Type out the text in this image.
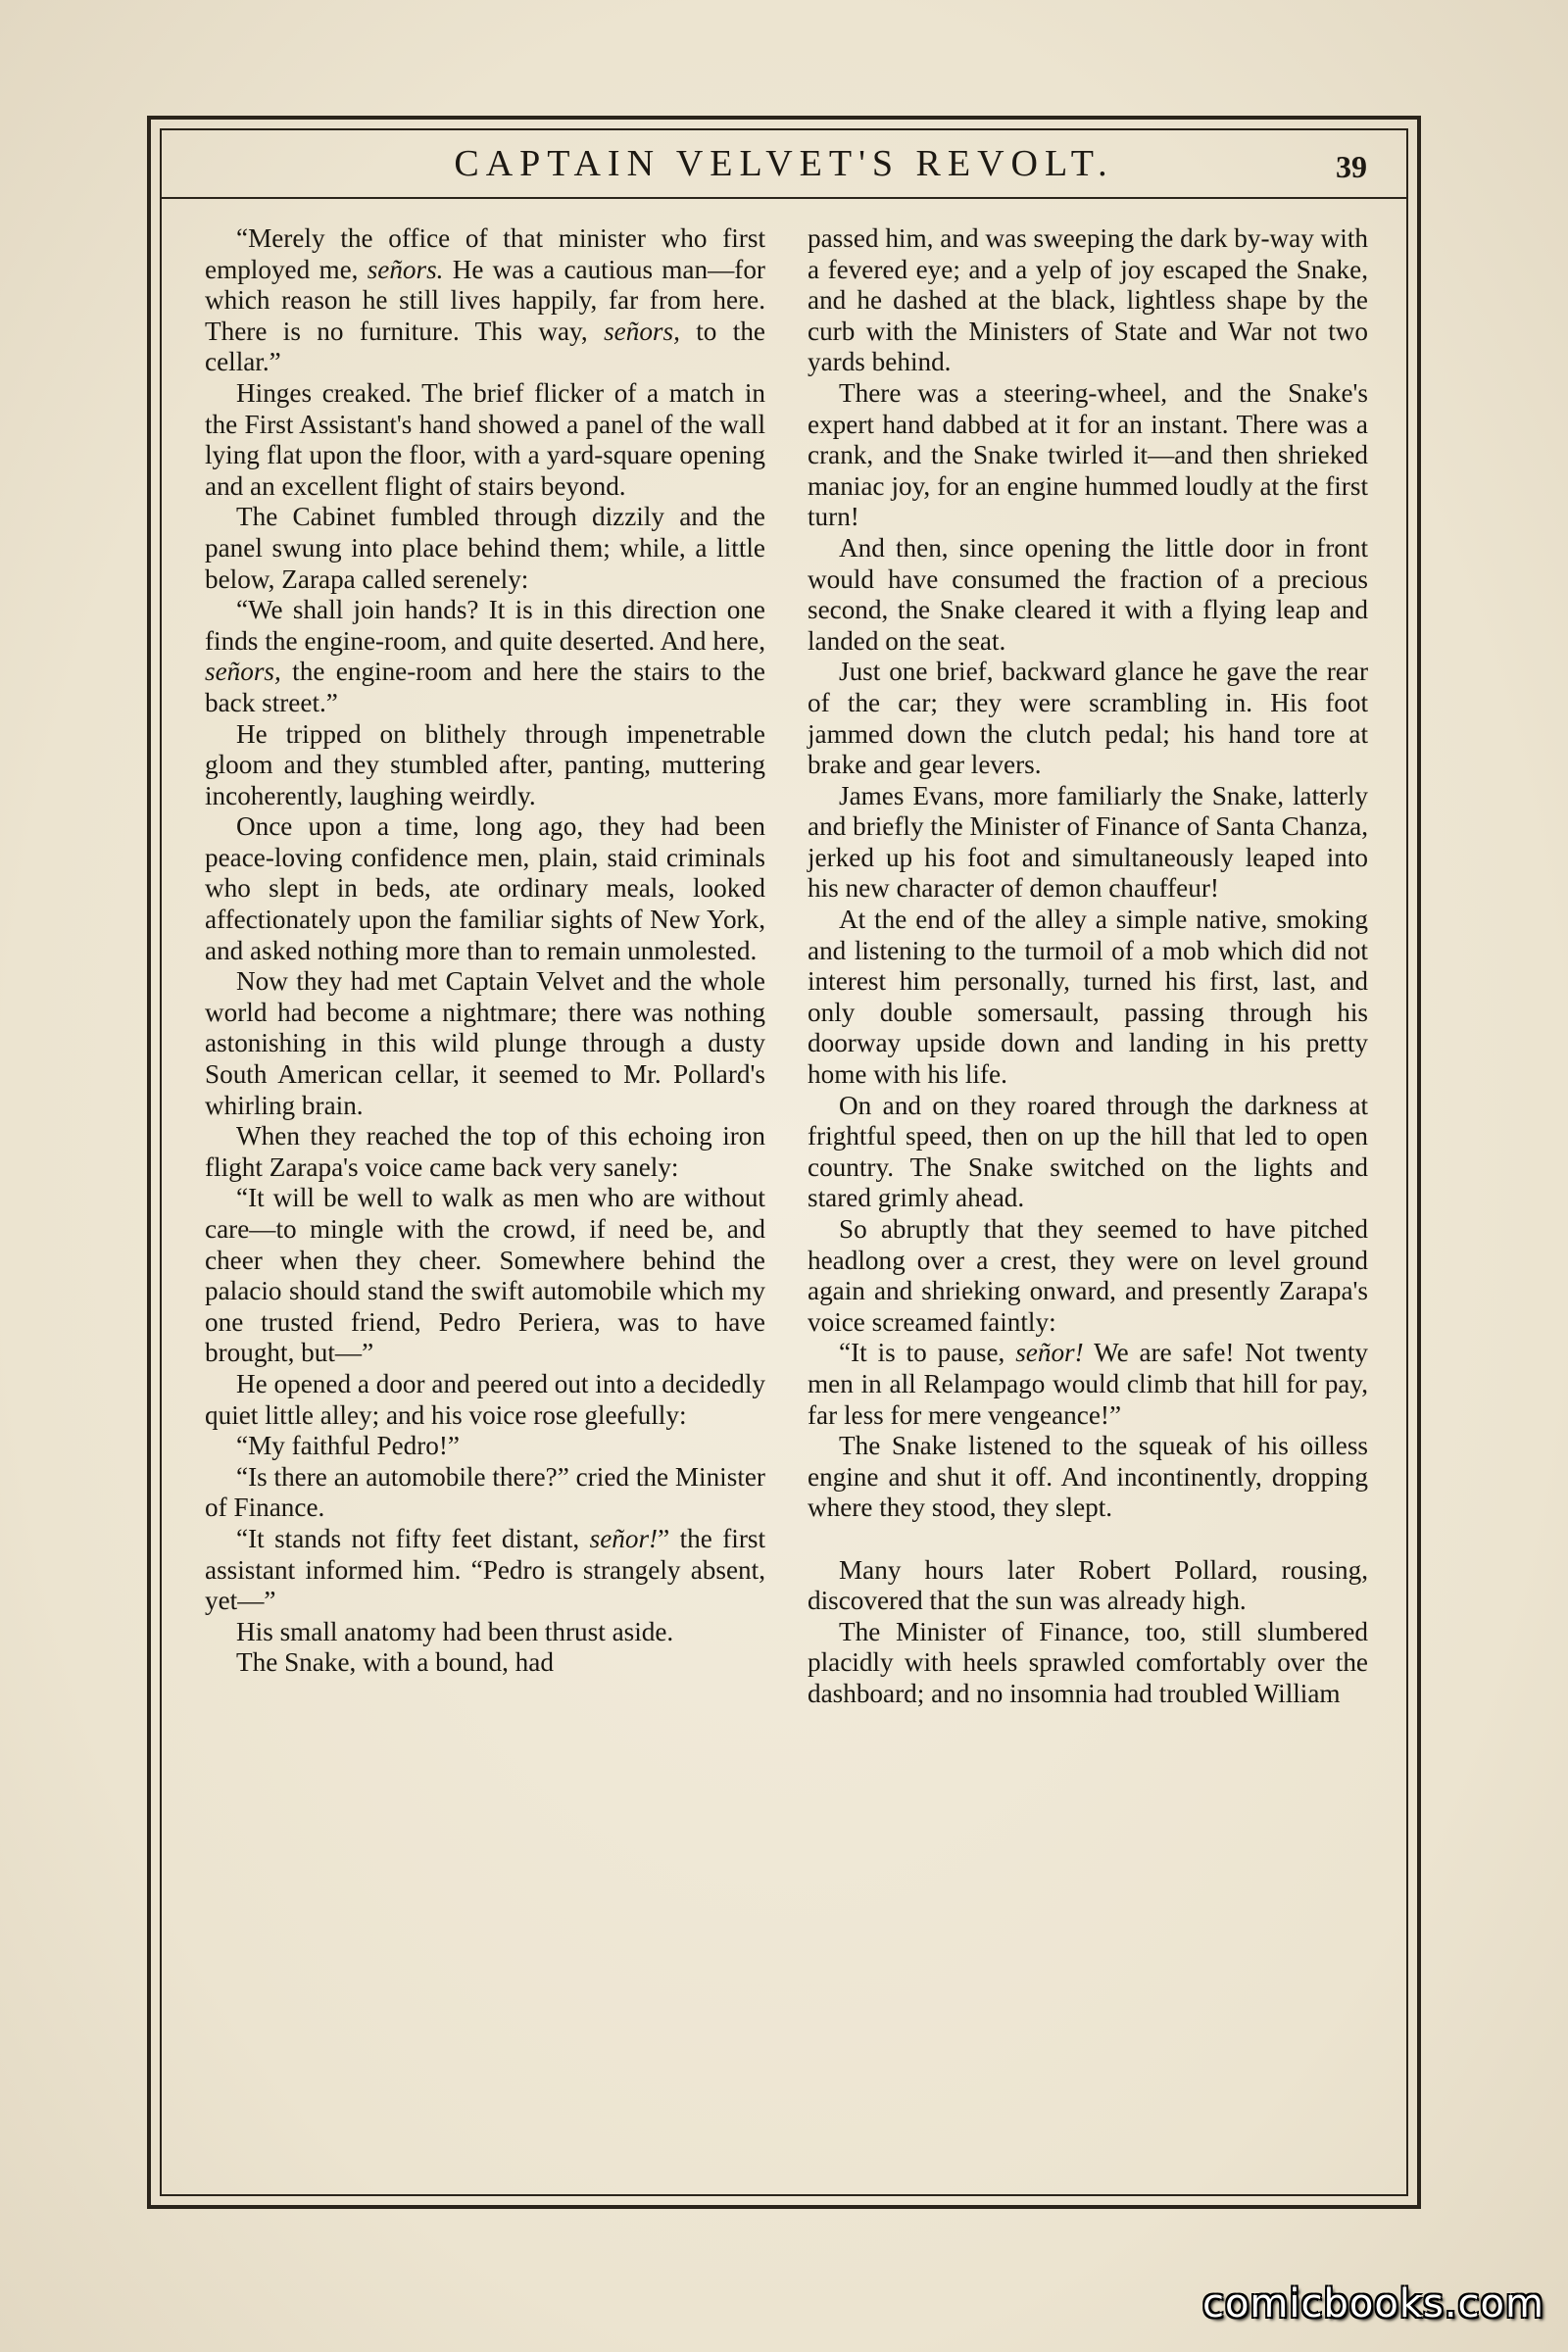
CAPTAIN VELVET'S REVOLT.	39

“Merely the office of that minister who first employed me, señors. He was a cautious man—for which reason he still lives happily, far from here. There is no furniture. This way, señors, to the cellar.”

Hinges creaked. The brief flicker of a match in the First Assistant's hand showed a panel of the wall lying flat upon the floor, with a yard-square opening and an excellent flight of stairs beyond.

The Cabinet fumbled through dizzily and the panel swung into place behind them; while, a little below, Zarapa called serenely:

“We shall join hands? It is in this direction one finds the engine-room, and quite deserted. And here, señors, the engine-room and here the stairs to the back street.”

He tripped on blithely through impenetrable gloom and they stumbled after, panting, muttering incoherently, laughing weirdly.

Once upon a time, long ago, they had been peace-loving confidence men, plain, staid criminals who slept in beds, ate ordinary meals, looked affectionately upon the familiar sights of New York, and asked nothing more than to remain unmolested.

Now they had met Captain Velvet and the whole world had become a nightmare; there was nothing astonishing in this wild plunge through a dusty South American cellar, it seemed to Mr. Pollard's whirling brain.

When they reached the top of this echoing iron flight Zarapa's voice came back very sanely:

“It will be well to walk as men who are without care—to mingle with the crowd, if need be, and cheer when they cheer. Somewhere behind the palacio should stand the swift automobile which my one trusted friend, Pedro Periera, was to have brought, but—”

He opened a door and peered out into a decidedly quiet little alley; and his voice rose gleefully:

“My faithful Pedro!”

“Is there an automobile there?” cried the Minister of Finance.

“It stands not fifty feet distant, señor!” the first assistant informed him. “Pedro is strangely absent, yet—”

His small anatomy had been thrust aside.

The Snake, with a bound, had

passed him, and was sweeping the dark by-way with a fevered eye; and a yelp of joy escaped the Snake, and he dashed at the black, lightless shape by the curb with the Ministers of State and War not two yards behind.

There was a steering-wheel, and the Snake's expert hand dabbed at it for an instant. There was a crank, and the Snake twirled it—and then shrieked maniac joy, for an engine hummed loudly at the first turn!

And then, since opening the little door in front would have consumed the fraction of a precious second, the Snake cleared it with a flying leap and landed on the seat.

Just one brief, backward glance he gave the rear of the car; they were scrambling in. His foot jammed down the clutch pedal; his hand tore at brake and gear levers.

James Evans, more familiarly the Snake, latterly and briefly the Minister of Finance of Santa Chanza, jerked up his foot and simultaneously leaped into his new character of demon chauffeur!

At the end of the alley a simple native, smoking and listening to the turmoil of a mob which did not interest him personally, turned his first, last, and only double somersault, passing through his doorway upside down and landing in his pretty home with his life.

On and on they roared through the darkness at frightful speed, then on up the hill that led to open country. The Snake switched on the lights and stared grimly ahead.

So abruptly that they seemed to have pitched headlong over a crest, they were on level ground again and shrieking onward, and presently Zarapa's voice screamed faintly:

“It is to pause, señor! We are safe! Not twenty men in all Relampago would climb that hill for pay, far less for mere vengeance!”

The Snake listened to the squeak of his oilless engine and shut it off. And incontinently, dropping where they stood, they slept.

Many hours later Robert Pollard, rousing, discovered that the sun was already high.

The Minister of Finance, too, still slumbered placidly with heels sprawled comfortably over the dashboard; and no insomnia had troubled William

comicbooks.com
